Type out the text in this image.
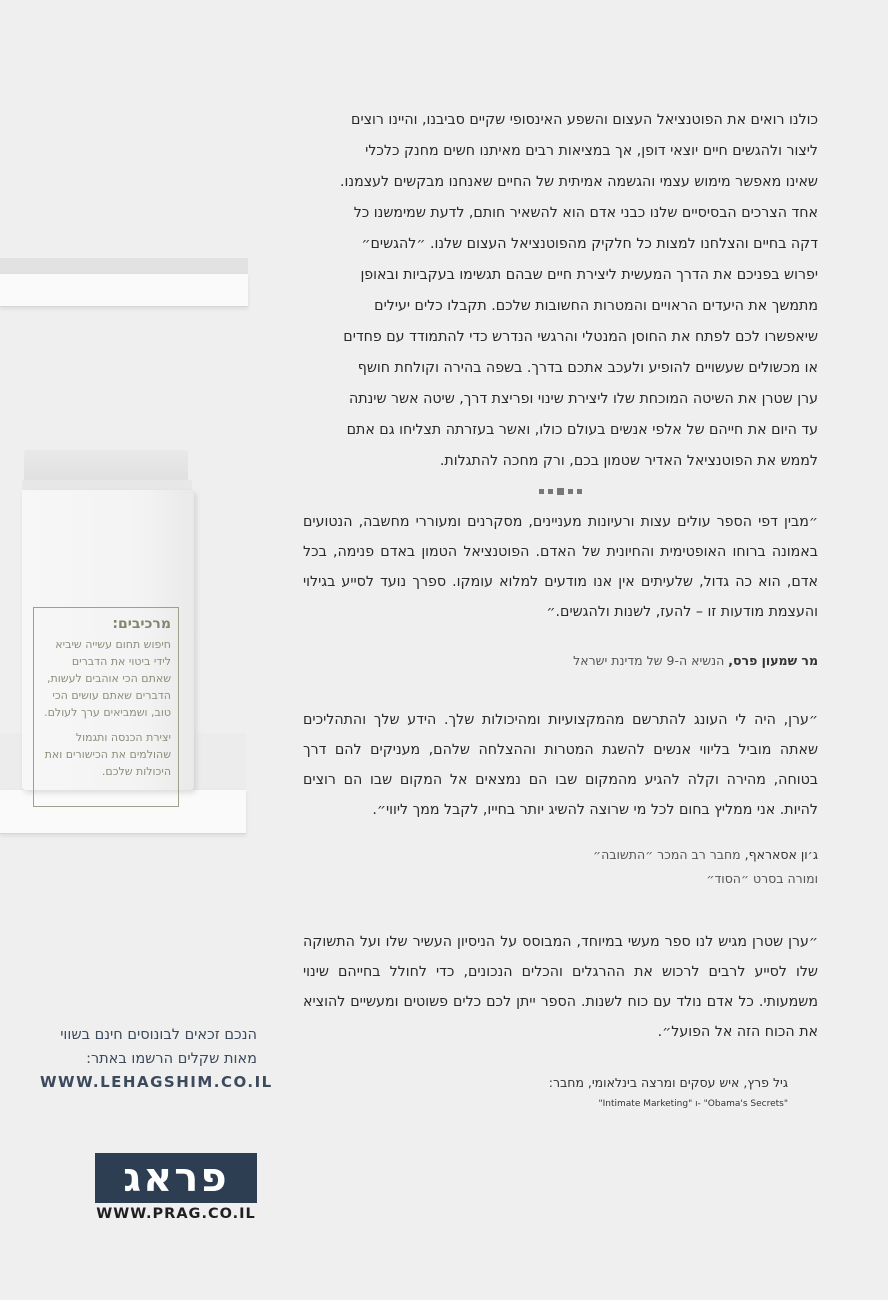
מרכיבים:

חיפוש תחום עשייה שיביא לידי ביטוי את הדברים שאתם הכי אוהבים לעשות, הדברים שאתם עושים הכי טוב, ושמביאים ערך לעולם.

יצירת הכנסה ותגמול שהולמים את הכישורים ואת היכולות שלכם.

כולנו רואים את הפוטנציאל העצום והשפע האינסופי שקיים סביבנו, והיינו רוצים

ליצור ולהגשים חיים יוצאי דופן, אך במציאות רבים מאיתנו חשים מחנק כלכלי

שאינו מאפשר מימוש עצמי והגשמה אמיתית של החיים שאנחנו מבקשים לעצמנו.

אחד הצרכים הבסיסיים שלנו כבני אדם הוא להשאיר חותם, לדעת שמימשנו כל

דקה בחיים והצלחנו למצות כל חלקיק מהפוטנציאל העצום שלנו. ״להגשים״

יפרוש בפניכם את הדרך המעשית ליצירת חיים שבהם תגשימו בעקביות ובאופן

מתמשך את היעדים הראויים והמטרות החשובות שלכם. תקבלו כלים יעילים

שיאפשרו לכם לפתח את החוסן המנטלי והרגשי הנדרש כדי להתמודד עם פחדים

או מכשולים שעשויים להופיע ולעכב אתכם בדרך. בשפה בהירה וקולחת חושף

ערן שטרן את השיטה המוכחת שלו ליצירת שינוי ופריצת דרך, שיטה אשר שינתה

עד היום את חייהם של אלפי אנשים בעולם כולו, ואשר בעזרתה תצליחו גם אתם

לממש את הפוטנציאל האדיר שטמון בכם, ורק מחכה להתגלות.

״מבין דפי הספר עולים עצות ורעיונות מעניינים, מסקרנים ומעוררי מחשבה, הנטועים באמונה ברוחו האופטימית והחיונית של האדם. הפוטנציאל הטמון באדם פנימה, בכל אדם, הוא כה גדול, שלעיתים אין אנו מודעים למלוא עומקו. ספרך נועד לסייע בגילוי והעצמת מודעות זו – להעז, לשנות ולהגשים.״

מר שמעון פרס, הנשיא ה-9 של מדינת ישראל

״ערן, היה לי העונג להתרשם מהמקצועיות ומהיכולות שלך. הידע שלך והתהליכים שאתה מוביל בליווי אנשים להשגת המטרות וההצלחה שלהם, מעניקים להם דרך בטוחה, מהירה וקלה להגיע מהמקום שבו הם נמצאים אל המקום שבו הם רוצים להיות. אני ממליץ בחום לכל מי שרוצה להשיג יותר בחייו, לקבל ממך ליווי״.

ג׳ון אסאראף, מחבר רב המכר ״התשובה״
ומורה בסרט ״הסוד״

״ערן שטרן מגיש לנו ספר מעשי במיוחד, המבוסס על הניסיון העשיר שלו ועל התשוקה שלו לסייע לרבים לרכוש את ההרגלים והכלים הנכונים, כדי לחולל בחייהם שינוי משמעותי. כל אדם נולד עם כוח לשנות. הספר ייתן לכם כלים פשוטים ומעשיים להוציא את הכוח הזה אל הפועל״.

גיל פרץ, איש עסקים ומרצה בינלאומי, מחבר:
"Obama's Secrets" -ו "Intimate Marketing"

הנכם זכאים לבונוסים חינם בשווי מאות שקלים הרשמו באתר:

WWW.LEHAGSHIM.CO.IL

פראג
WWW.PRAG.CO.IL
